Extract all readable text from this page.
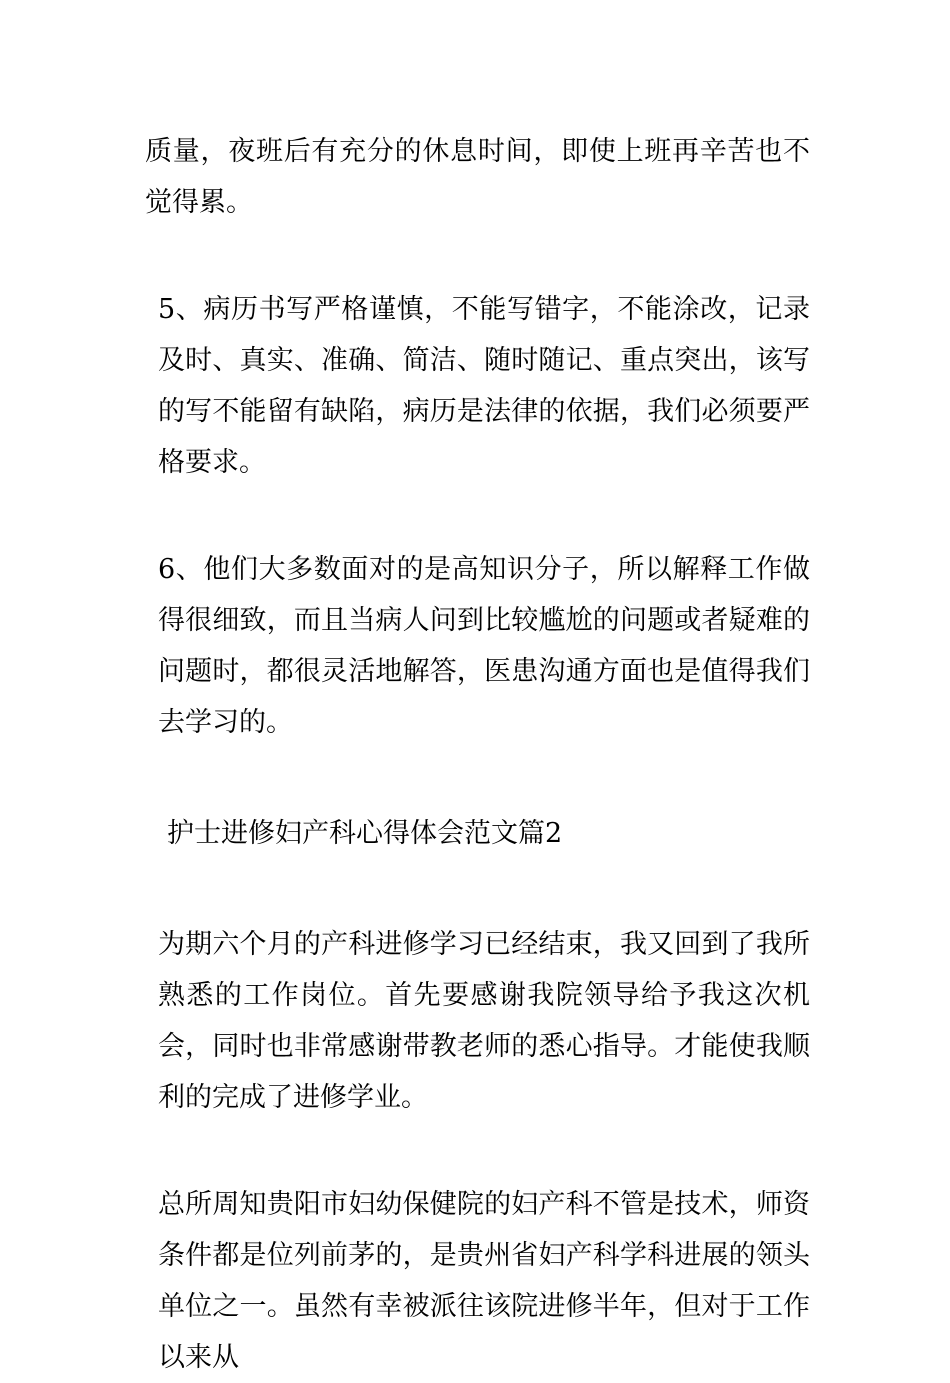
质量，夜班后有充分的休息时间，即使上班再辛苦也不觉得累。

5、病历书写严格谨慎，不能写错字，不能涂改，记录及时、真实、准确、简洁、随时随记、重点突出，该写的写不能留有缺陷，病历是法律的依据，我们必须要严格要求。

6、他们大多数面对的是高知识分子，所以解释工作做得很细致，而且当病人问到比较尴尬的问题或者疑难的问题时，都很灵活地解答，医患沟通方面也是值得我们去学习的。

护士进修妇产科心得体会范文篇2

为期六个月的产科进修学习已经结束，我又回到了我所熟悉的工作岗位。首先要感谢我院领导给予我这次机会，同时也非常感谢带教老师的悉心指导。才能使我顺利的完成了进修学业。

总所周知贵阳市妇幼保健院的妇产科不管是技术，师资条件都是位列前茅的，是贵州省妇产科学科进展的领头单位之一。虽然有幸被派往该院进修半年，但对于工作以来从
